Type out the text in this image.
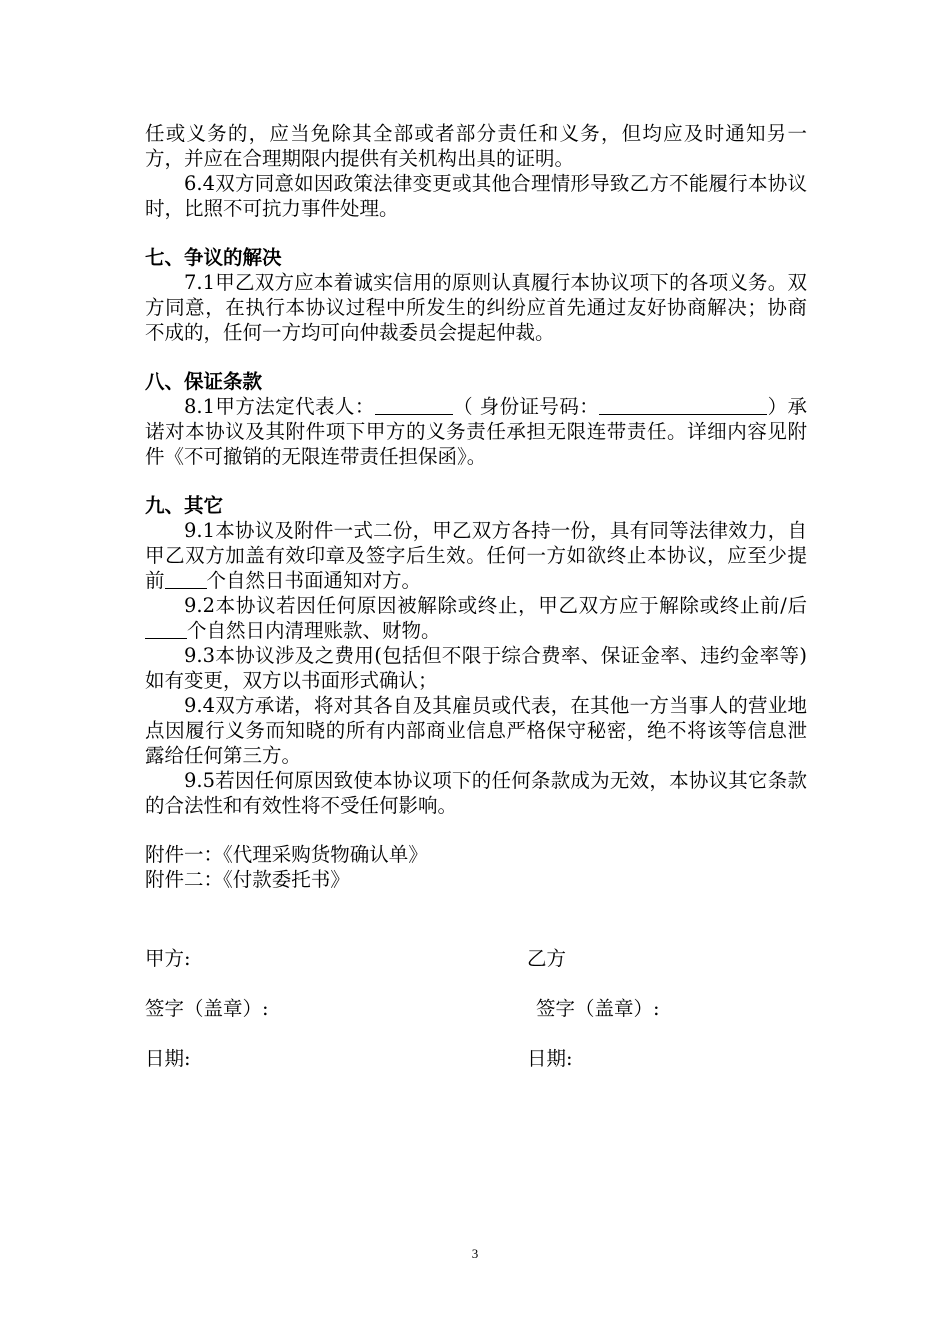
任或义务的，应当免除其全部或者部分责任和义务，但均应及时通知另一方，并应在合理期限内提供有关机构出具的证明。

6.4双方同意如因政策法律变更或其他合理情形导致乙方不能履行本协议时，比照不可抗力事件处理。

七、争议的解决

7.1甲乙双方应本着诚实信用的原则认真履行本协议项下的各项义务。双方同意，在执行本协议过程中所发生的纠纷应首先通过友好协商解决；协商不成的，任何一方均可向仲裁委员会提起仲裁。

八、保证条款

8.1甲方法定代表人：	（ 身份证号码：	）承诺对本协议及其附件项下甲方的义务责任承担无限连带责任。详细内容见附件《不可撤销的无限连带责任担保函》。

九、其它

9.1本协议及附件一式二份，甲乙双方各持一份，具有同等法律效力，自甲乙双方加盖有效印章及签字后生效。任何一方如欲终止本协议，应至少提前 个自然日书面通知对方。

9.2本协议若因任何原因被解除或终止，甲乙双方应于解除或终止前/后个自然日内清理账款、财物。

9.3本协议涉及之费用(包括但不限于综合费率、保证金率、违约金率等)如有变更，双方以书面形式确认；

9.4双方承诺，将对其各自及其雇员或代表，在其他一方当事人的营业地点因履行义务而知晓的所有内部商业信息严格保守秘密，绝不将该等信息泄露给任何第三方。

9.5若因任何原因致使本协议项下的任何条款成为无效，本协议其它条款的合法性和有效性将不受任何影响。

附件一：《代理采购货物确认单》

附件二：《付款委托书》

甲方:	乙方
签字（盖章）:	签字（盖章）:
日期:	日期:
3
